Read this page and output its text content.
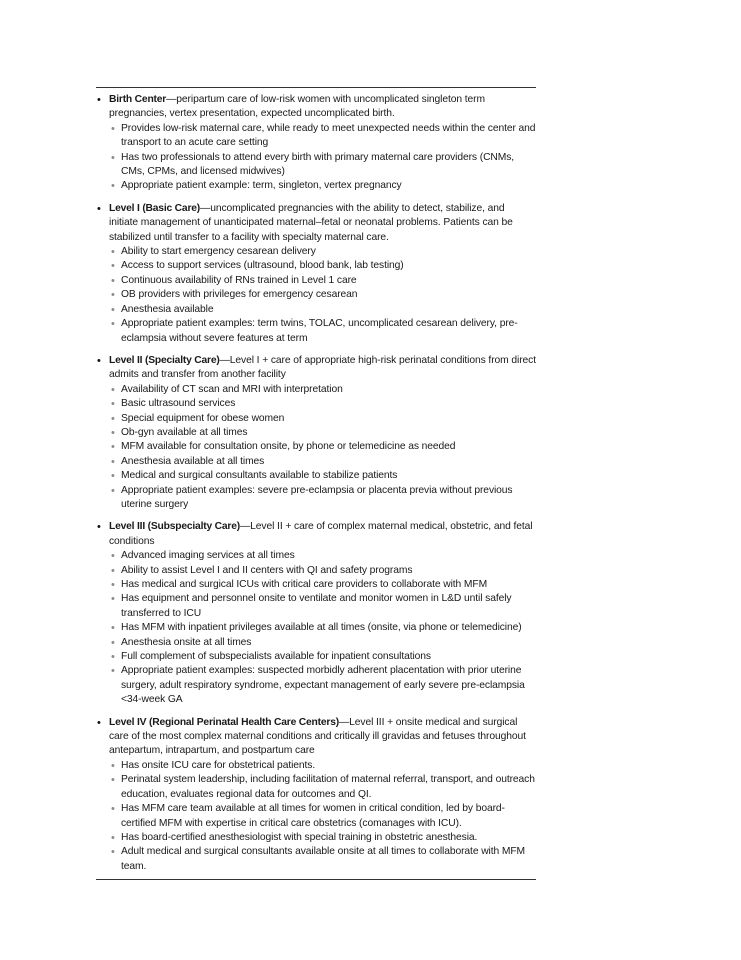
• Birth Center—peripartum care of low-risk women with uncomplicated singleton term pregnancies, vertex presentation, expected uncomplicated birth.
• Provides low-risk maternal care, while ready to meet unexpected needs within the center and transport to an acute care setting
• Has two professionals to attend every birth with primary maternal care providers (CNMs, CMs, CPMs, and licensed midwives)
• Appropriate patient example: term, singleton, vertex pregnancy
• Level I (Basic Care)—uncomplicated pregnancies with the ability to detect, stabilize, and initiate management of unanticipated maternal–fetal or neonatal problems. Patients can be stabilized until transfer to a facility with specialty maternal care.
• Ability to start emergency cesarean delivery
• Access to support services (ultrasound, blood bank, lab testing)
• Continuous availability of RNs trained in Level 1 care
• OB providers with privileges for emergency cesarean
• Anesthesia available
• Appropriate patient examples: term twins, TOLAC, uncomplicated cesarean delivery, pre-eclampsia without severe features at term
• Level II (Specialty Care)—Level I + care of appropriate high-risk perinatal conditions from direct admits and transfer from another facility
• Availability of CT scan and MRI with interpretation
• Basic ultrasound services
• Special equipment for obese women
• Ob-gyn available at all times
• MFM available for consultation onsite, by phone or telemedicine as needed
• Anesthesia available at all times
• Medical and surgical consultants available to stabilize patients
• Appropriate patient examples: severe pre-eclampsia or placenta previa without previous uterine surgery
• Level III (Subspecialty Care)—Level II + care of complex maternal medical, obstetric, and fetal conditions
• Advanced imaging services at all times
• Ability to assist Level I and II centers with QI and safety programs
• Has medical and surgical ICUs with critical care providers to collaborate with MFM
• Has equipment and personnel onsite to ventilate and monitor women in L&D until safely transferred to ICU
• Has MFM with inpatient privileges available at all times (onsite, via phone or telemedicine)
• Anesthesia onsite at all times
• Full complement of subspecialists available for inpatient consultations
• Appropriate patient examples: suspected morbidly adherent placentation with prior uterine surgery, adult respiratory syndrome, expectant management of early severe pre-eclampsia <34-week GA
• Level IV (Regional Perinatal Health Care Centers)—Level III + onsite medical and surgical care of the most complex maternal conditions and critically ill gravidas and fetuses throughout antepartum, intrapartum, and postpartum care
• Has onsite ICU care for obstetrical patients.
• Perinatal system leadership, including facilitation of maternal referral, transport, and outreach education, evaluates regional data for outcomes and QI.
• Has MFM care team available at all times for women in critical condition, led by board-certified MFM with expertise in critical care obstetrics (comanages with ICU).
• Has board-certified anesthesiologist with special training in obstetric anesthesia.
• Adult medical and surgical consultants available onsite at all times to collaborate with MFM team.
